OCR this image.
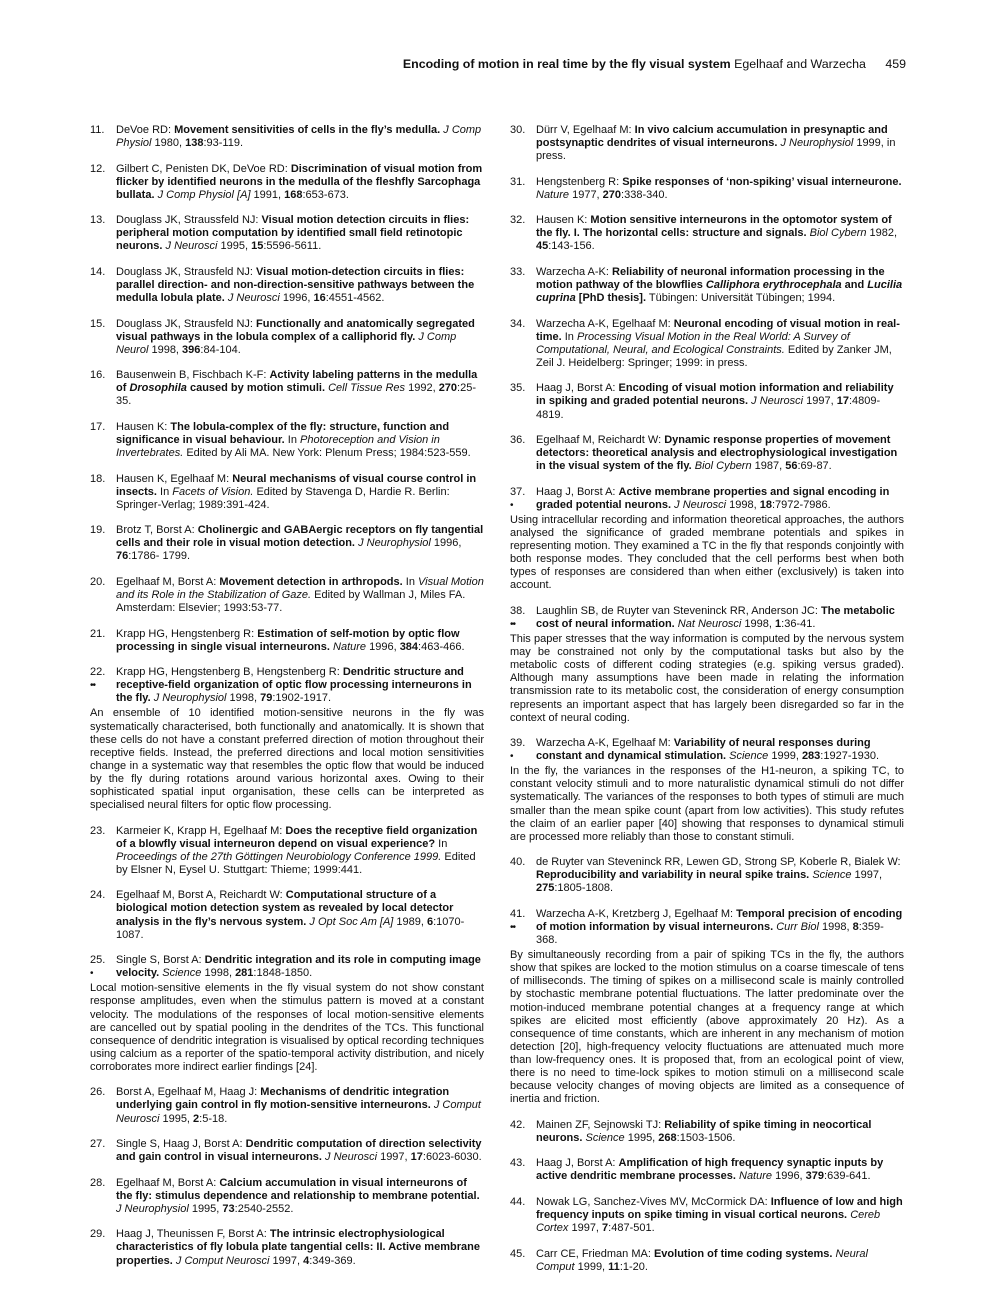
Encoding of motion in real time by the fly visual system Egelhaaf and Warzecha 459
11.	DeVoe RD: Movement sensitivities of cells in the fly’s medulla. J Comp Physiol 1980, 138:93-119.
12. Gilbert C, Penisten DK, DeVoe RD: Discrimination of visual motion from flicker by identified neurons in the medulla of the fleshfly Sarcophaga bullata. J Comp Physiol [A] 1991, 168:653-673.
13. Douglass JK, Straussfeld NJ: Visual motion detection circuits in flies: peripheral motion computation by identified small field retinotopic neurons. J Neurosci 1995, 15:5596-5611.
14. Douglass JK, Strausfeld NJ: Visual motion-detection circuits in flies: parallel direction- and non-direction-sensitive pathways between the medulla lobula plate. J Neurosci 1996, 16:4551-4562.
15. Douglass JK, Strausfeld NJ: Functionally and anatomically segregated visual pathways in the lobula complex of a calliphorid fly. J Comp Neurol 1998, 396:84-104.
16. Bausenwein B, Fischbach K-F: Activity labeling patterns in the medulla of Drosophila caused by motion stimuli. Cell Tissue Res 1992, 270:25-35.
17. Hausen K: The lobula-complex of the fly: structure, function and significance in visual behaviour. In Photoreception and Vision in Invertebrates. Edited by Ali MA. New York: Plenum Press; 1984:523-559.
18. Hausen K, Egelhaaf M: Neural mechanisms of visual course control in insects. In Facets of Vision. Edited by Stavenga D, Hardie R. Berlin: Springer-Verlag; 1989:391-424.
19. Brotz T, Borst A: Cholinergic and GABAergic receptors on fly tangential cells and their role in visual motion detection. J Neurophysiol 1996, 76:1786- 1799.
20. Egelhaaf M, Borst A: Movement detection in arthropods. In Visual Motion and its Role in the Stabilization of Gaze. Edited by Wallman J, Miles FA. Amsterdam: Elsevier; 1993:53-77.
21. Krapp HG, Hengstenberg R: Estimation of self-motion by optic flow processing in single visual interneurons. Nature 1996, 384:463-466.
22.
••
Krapp HG, Hengstenberg B, Hengstenberg R: Dendritic structure and receptive-field organization of optic flow processing interneurons in the fly. J Neurophysiol 1998, 79:1902-1917.
An ensemble of 10 identified motion-sensitive neurons in the fly was systematically characterised, both functionally and anatomically. It is shown that these cells do not have a constant preferred direction of motion throughout their receptive fields. Instead, the preferred directions and local motion sensitivities change in a systematic way that resembles the optic flow that would be induced by the fly during rotations around various horizontal axes. Owing to their sophisticated spatial input organisation, these cells can be interpreted as specialised neural filters for optic flow processing.
23. Karmeier K, Krapp H, Egelhaaf M: Does the receptive field organization of a blowfly visual interneuron depend on visual experience? In Proceedings of the 27th Göttingen Neurobiology Conference 1999. Edited by Elsner N, Eysel U. Stuttgart: Thieme; 1999:441.
24. Egelhaaf M, Borst A, Reichardt W: Computational structure of a biological motion detection system as revealed by local detector analysis in the fly’s nervous system. J Opt Soc Am [A] 1989, 6:1070-1087.
25.
•
Single S, Borst A: Dendritic integration and its role in computing image velocity. Science 1998, 281:1848-1850.
Local motion-sensitive elements in the fly visual system do not show constant response amplitudes, even when the stimulus pattern is moved at a constant velocity. The modulations of the responses of local motion-sensitive elements are cancelled out by spatial pooling in the dendrites of the TCs. This functional consequence of dendritic integration is visualised by optical recording techniques using calcium as a reporter of the spatio-temporal activity distribution, and nicely corroborates more indirect earlier findings [24].
26. Borst A, Egelhaaf M, Haag J: Mechanisms of dendritic integration underlying gain control in fly motion-sensitive interneurons. J Comput Neurosci 1995, 2:5-18.
27. Single S, Haag J, Borst A: Dendritic computation of direction selectivity and gain control in visual interneurons. J Neurosci 1997, 17:6023-6030.
28. Egelhaaf M, Borst A: Calcium accumulation in visual interneurons of the fly: stimulus dependence and relationship to membrane potential. J Neurophysiol 1995, 73:2540-2552.
29. Haag J, Theunissen F, Borst A: The intrinsic electrophysiological characteristics of fly lobula plate tangential cells: II. Active membrane properties. J Comput Neurosci 1997, 4:349-369.
30. Dürr V, Egelhaaf M: In vivo calcium accumulation in presynaptic and postsynaptic dendrites of visual interneurons. J Neurophysiol 1999, in press.
31. Hengstenberg R: Spike responses of ‘non-spiking’ visual interneurone. Nature 1977, 270:338-340.
32. Hausen K: Motion sensitive interneurons in the optomotor system of the fly. I. The horizontal cells: structure and signals. Biol Cybern 1982, 45:143-156.
33. Warzecha A-K: Reliability of neuronal information processing in the motion pathway of the blowflies Calliphora erythrocephala and Lucilia cuprina [PhD thesis]. Tübingen: Universität Tübingen; 1994.
34. Warzecha A-K, Egelhaaf M: Neuronal encoding of visual motion in real-time. In Processing Visual Motion in the Real World: A Survey of Computational, Neural, and Ecological Constraints. Edited by Zanker JM, Zeil J. Heidelberg: Springer; 1999: in press.
35. Haag J, Borst A: Encoding of visual motion information and reliability in spiking and graded potential neurons. J Neurosci 1997, 17:4809-4819.
36. Egelhaaf M, Reichardt W: Dynamic response properties of movement detectors: theoretical analysis and electrophysiological investigation in the visual system of the fly. Biol Cybern 1987, 56:69-87.
37.
•
Haag J, Borst A: Active membrane properties and signal encoding in graded potential neurons. J Neurosci 1998, 18:7972-7986.
Using intracellular recording and information theoretical approaches, the authors analysed the significance of graded membrane potentials and spikes in representing motion. They examined a TC in the fly that responds conjointly with both response modes. They concluded that the cell performs best when both types of responses are considered than when either (exclusively) is taken into account.
38.
••
Laughlin SB, de Ruyter van Steveninck RR, Anderson JC: The metabolic cost of neural information. Nat Neurosci 1998, 1:36-41.
This paper stresses that the way information is computed by the nervous system may be constrained not only by the computational tasks but also by the metabolic costs of different coding strategies (e.g. spiking versus graded). Although many assumptions have been made in relating the information transmission rate to its metabolic cost, the consideration of energy consumption represents an important aspect that has largely been disregarded so far in the context of neural coding.
39.
•
Warzecha A-K, Egelhaaf M: Variability of neural responses during constant and dynamical stimulation. Science 1999, 283:1927-1930.
In the fly, the variances in the responses of the H1-neuron, a spiking TC, to constant velocity stimuli and to more naturalistic dynamical stimuli do not differ systematically. The variances of the responses to both types of stimuli are much smaller than the mean spike count (apart from low activities). This study refutes the claim of an earlier paper [40] showing that responses to dynamical stimuli are processed more reliably than those to constant stimuli.
40. de Ruyter van Steveninck RR, Lewen GD, Strong SP, Koberle R, Bialek W: Reproducibility and variability in neural spike trains. Science 1997, 275:1805-1808.
41.
••
Warzecha A-K, Kretzberg J, Egelhaaf M: Temporal precision of encoding of motion information by visual interneurons. Curr Biol 1998, 8:359-368.
By simultaneously recording from a pair of spiking TCs in the fly, the authors show that spikes are locked to the motion stimulus on a coarse timescale of tens of milliseconds. The timing of spikes on a millisecond scale is mainly controlled by stochastic membrane potential fluctuations. The latter predominate over the motion-induced membrane potential changes at a frequency range at which spikes are elicited most efficiently (above approximately 20 Hz). As a consequence of time constants, which are inherent in any mechanism of motion detection [20], high-frequency velocity fluctuations are attenuated much more than low-frequency ones. It is proposed that, from an ecological point of view, there is no need to time-lock spikes to motion stimuli on a millisecond scale because velocity changes of moving objects are limited as a consequence of inertia and friction.
42. Mainen ZF, Sejnowski TJ: Reliability of spike timing in neocortical neurons. Science 1995, 268:1503-1506.
43. Haag J, Borst A: Amplification of high frequency synaptic inputs by active dendritic membrane processes. Nature 1996, 379:639-641.
44. Nowak LG, Sanchez-Vives MV, McCormick DA: Influence of low and high frequency inputs on spike timing in visual cortical neurons. Cereb Cortex 1997, 7:487-501.
45. Carr CE, Friedman MA: Evolution of time coding systems. Neural Comput 1999, 11:1-20.
